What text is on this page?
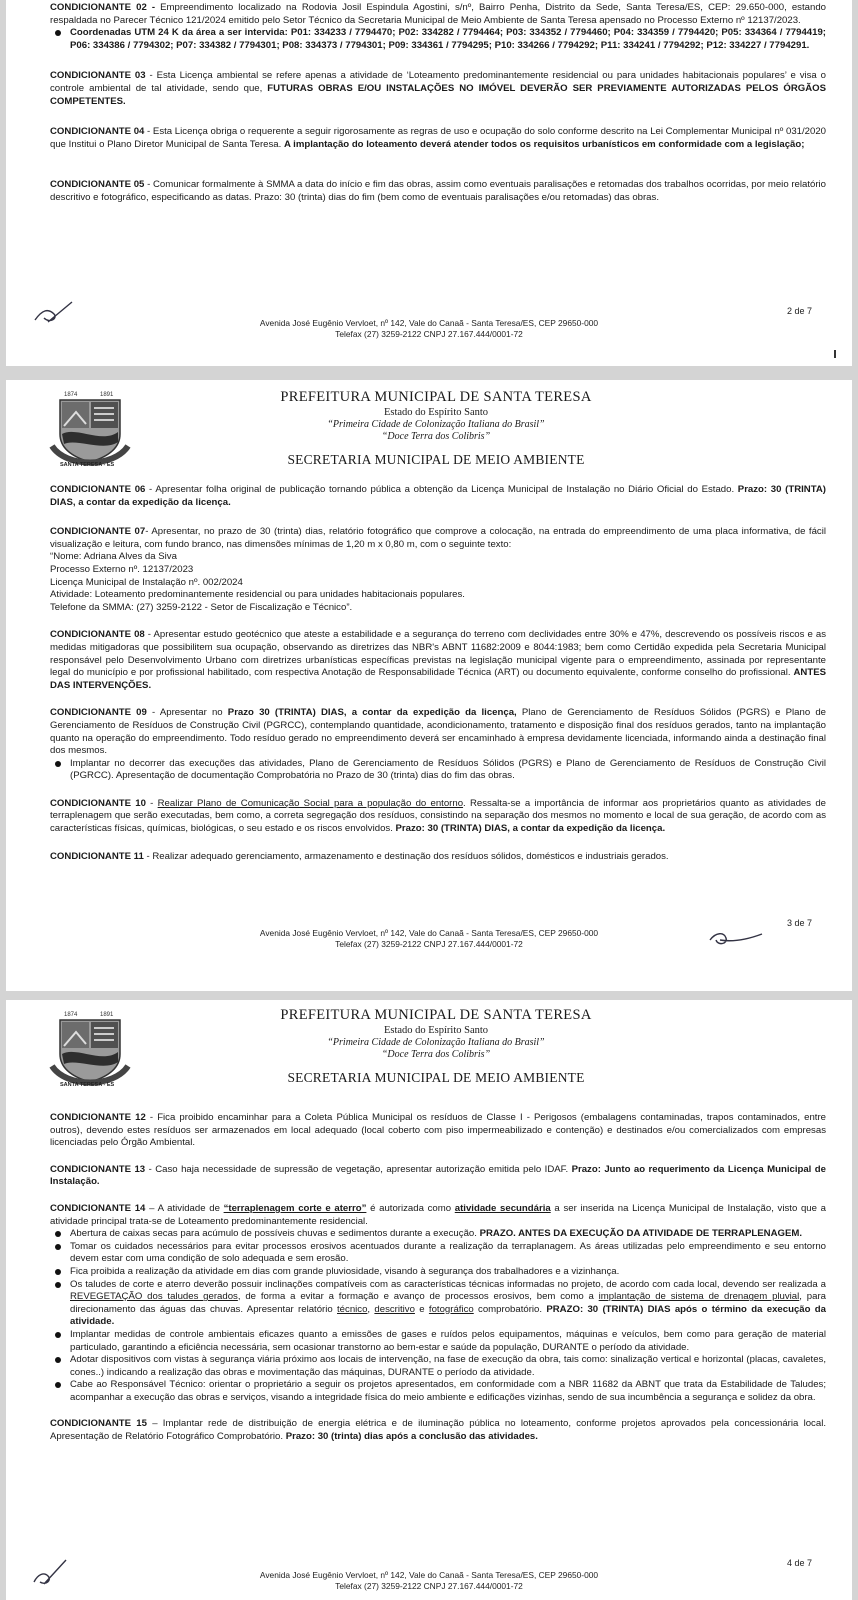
CONDICIONANTE 02 - Empreendimento localizado na Rodovia Josil Espindula Agostini, s/nº, Bairro Penha, Distrito da Sede, Santa Teresa/ES, CEP: 29.650-000, estando respaldada no Parecer Técnico 121/2024 emitido pelo Setor Técnico da Secretaria Municipal de Meio Ambiente de Santa Teresa apensado no Processo Externo nº 12137/2023.

Coordenadas UTM 24 K da área a ser intervida: P01: 334233 / 7794470; P02: 334282 / 7794464; P03: 334352 / 7794460; P04: 334359 / 7794420; P05: 334364 / 7794419; P06: 334386 / 7794302; P07: 334382 / 7794301; P08: 334373 / 7794301; P09: 334361 / 7794295; P10: 334266 / 7794292; P11: 334241 / 7794292; P12: 334227 / 7794291.

CONDICIONANTE 03 - Esta Licença ambiental se refere apenas a atividade de ‘Loteamento predominantemente residencial ou para unidades habitacionais populares’ e visa o controle ambiental de tal atividade, sendo que, FUTURAS OBRAS E/OU INSTALAÇÕES NO IMÓVEL DEVERÃO SER PREVIAMENTE AUTORIZADAS PELOS ÓRGÃOS COMPETENTES.

CONDICIONANTE 04 - Esta Licença obriga o requerente a seguir rigorosamente as regras de uso e ocupação do solo conforme descrito na Lei Complementar Municipal nº 031/2020 que Institui o Plano Diretor Municipal de Santa Teresa. A implantação do loteamento deverá atender todos os requisitos urbanísticos em conformidade com a legislação;

CONDICIONANTE 05 - Comunicar formalmente à SMMA a data do início e fim das obras, assim como eventuais paralisações e retomadas dos trabalhos ocorridas, por meio relatório descritivo e fotográfico, especificando as datas. Prazo: 30 (trinta) dias do fim (bem como de eventuais paralisações e/ou retomadas) das obras.

2 de 7
Avenida José Eugênio Vervloet, nº 142, Vale do Canaã - Santa Teresa/ES, CEP 29650-000
Telefax (27) 3259-2122 CNPJ 27.167.444/0001-72
1874	1891
SANTA TERESA - ES
PREFEITURA MUNICIPAL DE SANTA TERESA
Estado do Espírito Santo
“Primeira Cidade de Colonização Italiana do Brasil”
“Doce Terra dos Colibris”
SECRETARIA MUNICIPAL DE MEIO AMBIENTE

CONDICIONANTE 06 - Apresentar folha original de publicação tornando pública a obtenção da Licença Municipal de Instalação no Diário Oficial do Estado. Prazo: 30 (TRINTA) DIAS, a contar da expedição da licença.

CONDICIONANTE 07- Apresentar, no prazo de 30 (trinta) dias, relatório fotográfico que comprove a colocação, na entrada do empreendimento de uma placa informativa, de fácil visualização e leitura, com fundo branco, nas dimensões mínimas de 1,20 m x 0,80 m, com o seguinte texto:

“Nome: Adriana Alves da Siva

Processo Externo nº. 12137/2023

Licença Municipal de Instalação nº. 002/2024

Atividade: Loteamento predominantemente residencial ou para unidades habitacionais populares.

Telefone da SMMA: (27) 3259-2122 - Setor de Fiscalização e Técnico”.

CONDICIONANTE 08 - Apresentar estudo geotécnico que ateste a estabilidade e a segurança do terreno com declividades entre 30% e 47%, descrevendo os possíveis riscos e as medidas mitigadoras que possibilitem sua ocupação, observando as diretrizes das NBR's ABNT 11682:2009 e 8044:1983; bem como Certidão expedida pela Secretaria Municipal responsável pelo Desenvolvimento Urbano com diretrizes urbanísticas específicas previstas na legislação municipal vigente para o empreendimento, assinada por representante legal do município e por profissional habilitado, com respectiva Anotação de Responsabilidade Técnica (ART) ou documento equivalente, conforme conselho do profissional. ANTES DAS INTERVENÇÕES.

CONDICIONANTE 09 - Apresentar no Prazo 30 (TRINTA) DIAS, a contar da expedição da licença, Plano de Gerenciamento de Resíduos Sólidos (PGRS) e Plano de Gerenciamento de Resíduos de Construção Civil (PGRCC), contemplando quantidade, acondicionamento, tratamento e disposição final dos resíduos gerados, tanto na implantação quanto na operação do empreendimento. Todo resíduo gerado no empreendimento deverá ser encaminhado à empresa devidamente licenciada, informando ainda a destinação final dos mesmos.

Implantar no decorrer das execuções das atividades, Plano de Gerenciamento de Resíduos Sólidos (PGRS) e Plano de Gerenciamento de Resíduos de Construção Civil (PGRCC). Apresentação de documentação Comprobatória no Prazo de 30 (trinta) dias do fim das obras.

CONDICIONANTE 10 - Realizar Plano de Comunicação Social para a população do entorno. Ressalta-se a importância de informar aos proprietários quanto as atividades de terraplenagem que serão executadas, bem como, a correta segregação dos resíduos, consistindo na separação dos mesmos no momento e local de sua geração, de acordo com as características físicas, químicas, biológicas, o seu estado e os riscos envolvidos. Prazo: 30 (TRINTA) DIAS, a contar da expedição da licença.

CONDICIONANTE 11 - Realizar adequado gerenciamento, armazenamento e destinação dos resíduos sólidos, domésticos e industriais gerados.

3 de 7
Avenida José Eugênio Vervloet, nº 142, Vale do Canaã - Santa Teresa/ES, CEP 29650-000
Telefax (27) 3259-2122 CNPJ 27.167.444/0001-72
1874	1891
SANTA TERESA - ES
PREFEITURA MUNICIPAL DE SANTA TERESA
Estado do Espírito Santo
“Primeira Cidade de Colonização Italiana do Brasil”
“Doce Terra dos Colibris”
SECRETARIA MUNICIPAL DE MEIO AMBIENTE

CONDICIONANTE 12 - Fica proibido encaminhar para a Coleta Pública Municipal os resíduos de Classe I - Perigosos (embalagens contaminadas, trapos contaminados, entre outros), devendo estes resíduos ser armazenados em local adequado (local coberto com piso impermeabilizado e contenção) e destinados e/ou comercializados com empresas licenciadas pelo Órgão Ambiental.

CONDICIONANTE 13 - Caso haja necessidade de supressão de vegetação, apresentar autorização emitida pelo IDAF. Prazo: Junto ao requerimento da Licença Municipal de Instalação.

CONDICIONANTE 14 – A atividade de “terraplenagem corte e aterro” é autorizada como atividade secundária a ser inserida na Licença Municipal de Instalação, visto que a atividade principal trata-se de Loteamento predominantemente residencial.

Abertura de caixas secas para acúmulo de possíveis chuvas e sedimentos durante a execução. PRAZO. ANTES DA EXECUÇÃO DA ATIVIDADE DE TERRAPLENAGEM.
Tomar os cuidados necessários para evitar processos erosivos acentuados durante a realização da terraplanagem. As áreas utilizadas pelo empreendimento e seu entorno devem estar com uma condição de solo adequada e sem erosão.
Fica proibida a realização da atividade em dias com grande pluviosidade, visando à segurança dos trabalhadores e a vizinhança.
Os taludes de corte e aterro deverão possuir inclinações compatíveis com as características técnicas informadas no projeto, de acordo com cada local, devendo ser realizada a REVEGETAÇÃO dos taludes gerados, de forma a evitar a formação e avanço de processos erosivos, bem como a implantação de sistema de drenagem pluvial, para direcionamento das águas das chuvas. Apresentar relatório técnico, descritivo e fotográfico comprobatório. PRAZO: 30 (TRINTA) DIAS após o término da execução da atividade.
Implantar medidas de controle ambientais eficazes quanto a emissões de gases e ruídos pelos equipamentos, máquinas e veículos, bem como para geração de material particulado, garantindo a eficiência necessária, sem ocasionar transtorno ao bem-estar e saúde da população, DURANTE o período da atividade.
Adotar dispositivos com vistas à segurança viária próximo aos locais de intervenção, na fase de execução da obra, tais como: sinalização vertical e horizontal (placas, cavaletes, cones..) indicando a realização das obras e movimentação das máquinas, DURANTE o período da atividade.
Cabe ao Responsável Técnico: orientar o proprietário a seguir os projetos apresentados, em conformidade com a NBR 11682 da ABNT que trata da Estabilidade de Taludes; acompanhar a execução das obras e serviços, visando a integridade física do meio ambiente e edificações vizinhas, sendo de sua incumbência a segurança e solidez da obra.

CONDICIONANTE 15 – Implantar rede de distribuição de energia elétrica e de iluminação pública no loteamento, conforme projetos aprovados pela concessionária local. Apresentação de Relatório Fotográfico Comprobatório. Prazo: 30 (trinta) dias após a conclusão das atividades.

4 de 7
Avenida José Eugênio Vervloet, nº 142, Vale do Canaã - Santa Teresa/ES, CEP 29650-000
Telefax (27) 3259-2122 CNPJ 27.167.444/0001-72
